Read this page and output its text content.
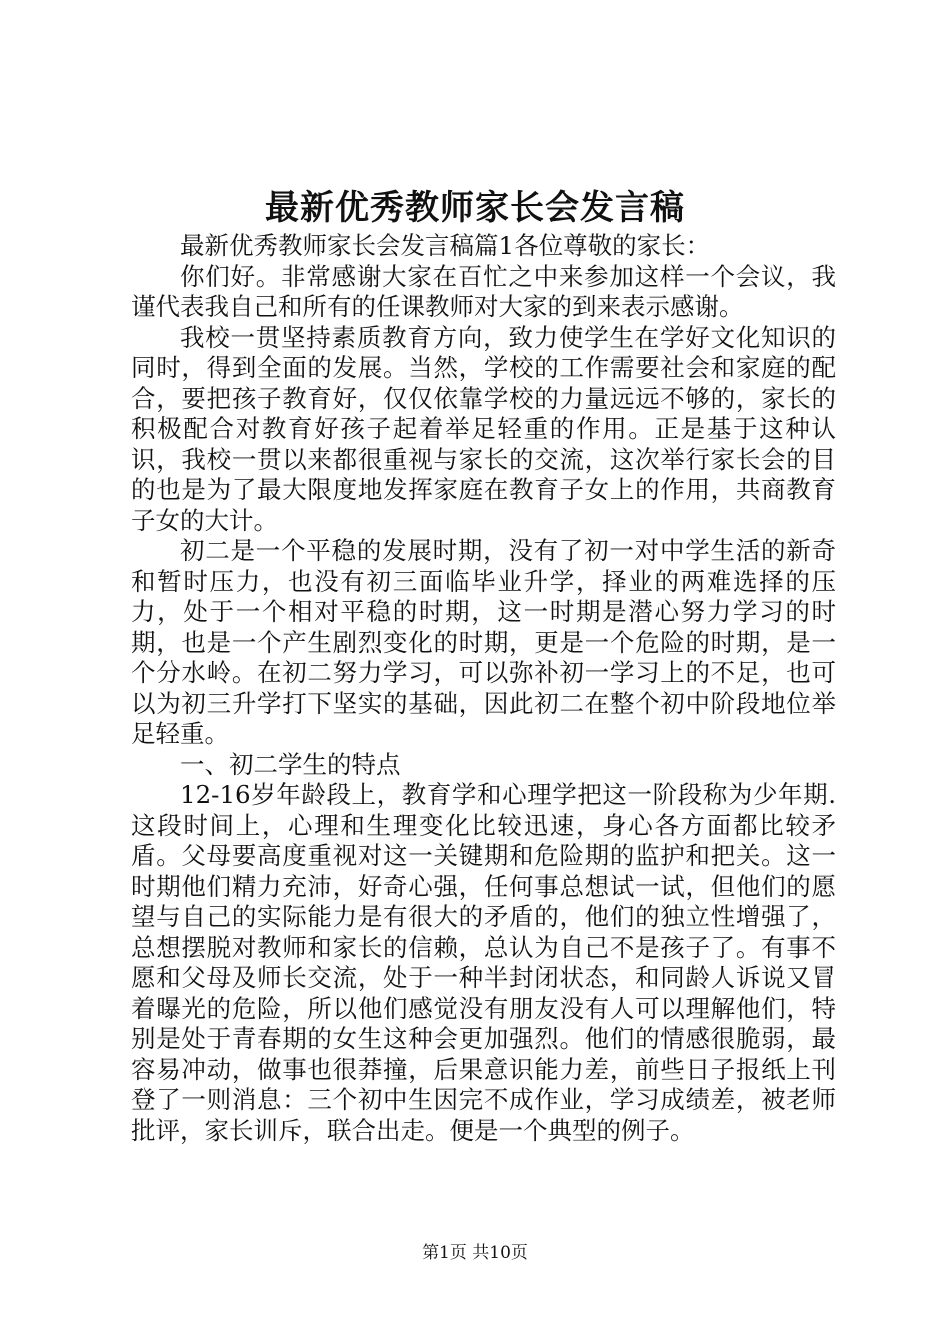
最新优秀教师家长会发言稿

最新优秀教师家长会发言稿篇1各位尊敬的家长：

你们好。非常感谢大家在百忙之中来参加这样一个会议，我谨代表我自己和所有的任课教师对大家的到来表示感谢。

我校一贯坚持素质教育方向，致力使学生在学好文化知识的同时，得到全面的发展。当然，学校的工作需要社会和家庭的配合，要把孩子教育好，仅仅依靠学校的力量远远不够的，家长的积极配合对教育好孩子起着举足轻重的作用。正是基于这种认识，我校一贯以来都很重视与家长的交流，这次举行家长会的目的也是为了最大限度地发挥家庭在教育子女上的作用，共商教育子女的大计。

初二是一个平稳的发展时期，没有了初一对中学生活的新奇和暂时压力，也没有初三面临毕业升学，择业的两难选择的压力，处于一个相对平稳的时期，这一时期是潜心努力学习的时期，也是一个产生剧烈变化的时期，更是一个危险的时期，是一个分水岭。在初二努力学习，可以弥补初一学习上的不足，也可以为初三升学打下坚实的基础，因此初二在整个初中阶段地位举足轻重。

一、初二学生的特点

12-16岁年龄段上，教育学和心理学把这一阶段称为少年期.这段时间上，心理和生理变化比较迅速，身心各方面都比较矛盾。父母要高度重视对这一关键期和危险期的监护和把关。这一时期他们精力充沛，好奇心强，任何事总想试一试，但他们的愿望与自己的实际能力是有很大的矛盾的，他们的独立性增强了，总想摆脱对教师和家长的信赖，总认为自己不是孩子了。有事不愿和父母及师长交流，处于一种半封闭状态，和同龄人诉说又冒着曝光的危险，所以他们感觉没有朋友没有人可以理解他们，特别是处于青春期的女生这种会更加强烈。他们的情感很脆弱，最容易冲动，做事也很莽撞，后果意识能力差，前些日子报纸上刊登了一则消息：三个初中生因完不成作业，学习成绩差，被老师批评，家长训斥，联合出走。便是一个典型的例子。

第1页 共10页
